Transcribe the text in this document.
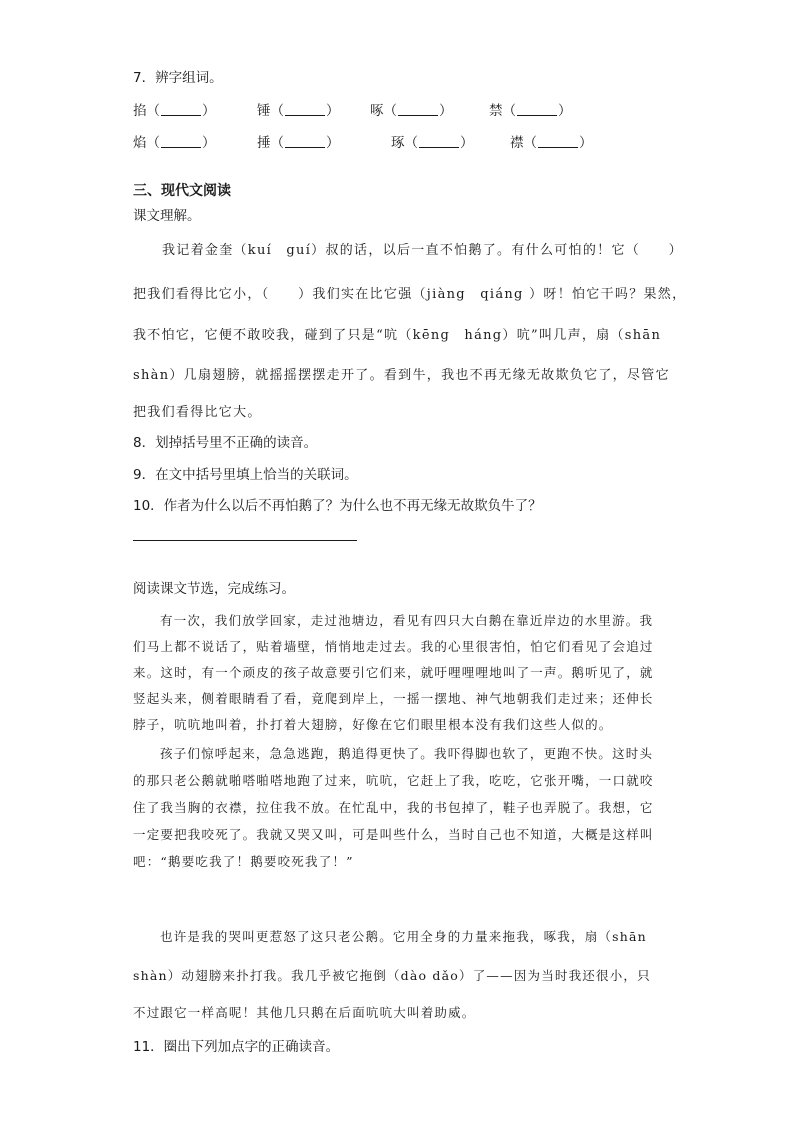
7．辨字组词。
掐 （	）	锤 （	） 啄 （	）	禁 （	）
焰 （	）	捶 （	）	琢 （	）	襟 （	）
三、现代文阅读
课文理解。
我记着金奎（kuí　guí）叔的话，以后一直不怕鹅了。有什么可怕的！它（　　）
把我们看得比它小，（　　）我们实在比它强（jiàng　qiáng ）呀！怕它干吗？果然，
我不怕它，它便不敢咬我，碰到了只是“吭（kēng　háng）吭”叫几声，扇（shān
shàn）几扇翅膀，就摇摇摆摆走开了。看到牛，我也不再无缘无故欺负它了，尽管它
把我们看得比它大。
8．划掉括号里不正确的读音。
9．在文中括号里填上恰当的关联词。
10．作者为什么以后不再怕鹅了？为什么也不再无缘无故欺负牛了？
阅读课文节选，完成练习。
有一次，我们放学回家，走过池塘边，看见有四只大白鹅在靠近岸边的水里游。我
们马上都不说话了，贴着墙壁，悄悄地走过去。我的心里很害怕，怕它们看见了会追过
来。这时，有一个顽皮的孩子故意要引它们来，就吁哩哩哩地叫了一声。鹅听见了，就
竖起头来，侧着眼睛看了看，竟爬到岸上，一摇一摆地、神气地朝我们走过来；还伸长
脖子，吭吭地叫着，扑打着大翅膀，好像在它们眼里根本没有我们这些人似的。
孩子们惊呼起来，急急逃跑，鹅追得更快了。我吓得脚也软了，更跑不快。这时头
的那只老公鹅就啪嗒啪嗒地跑了过来，吭吭，它赶上了我，吃吃，它张开嘴，一口就咬
住了我当胸的衣襟，拉住我不放。在忙乱中，我的书包掉了，鞋子也弄脱了。我想，它
一定要把我咬死了。我就又哭又叫，可是叫些什么，当时自己也不知道，大概是这样叫
吧：“鹅要吃我了！鹅要咬死我了！”
也许是我的哭叫更惹怒了这只老公鹅。它用全身的力量来拖我，啄我，扇（shān
shàn）动翅膀来扑打我。我几乎被它拖倒（dào dǎo）了——因为当时我还很小，只
不过跟它一样高呢！其他几只鹅在后面吭吭大叫着助威。
11．圈出下列加点字的正确读音。
